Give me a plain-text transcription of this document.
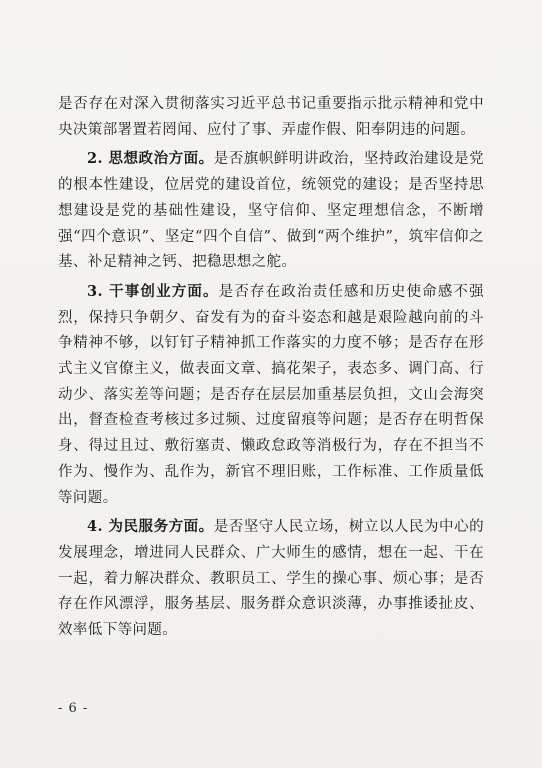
是否存在对深入贯彻落实习近平总书记重要指示批示精神和党中央决策部署置若罔闻、应付了事、弄虚作假、阳奉阴违的问题。

2. 思想政治方面。是否旗帜鲜明讲政治，坚持政治建设是党的根本性建设，位居党的建设首位，统领党的建设；是否坚持思想建设是党的基础性建设，坚守信仰、坚定理想信念，不断增强“四个意识”、坚定“四个自信”、做到“两个维护”，筑牢信仰之基、补足精神之钙、把稳思想之舵。

3. 干事创业方面。是否存在政治责任感和历史使命感不强烈，保持只争朝夕、奋发有为的奋斗姿态和越是艰险越向前的斗争精神不够，以钉钉子精神抓工作落实的力度不够；是否存在形式主义官僚主义，做表面文章、搞花架子，表态多、调门高、行动少、落实差等问题；是否存在层层加重基层负担，文山会海突出，督查检查考核过多过频、过度留痕等问题；是否存在明哲保身、得过且过、敷衍塞责、懒政怠政等消极行为，存在不担当不作为、慢作为、乱作为，新官不理旧账，工作标准、工作质量低等问题。

4. 为民服务方面。是否坚守人民立场，树立以人民为中心的发展理念，增进同人民群众、广大师生的感情，想在一起、干在一起，着力解决群众、教职员工、学生的操心事、烦心事；是否存在作风漂浮，服务基层、服务群众意识淡薄，办事推诿扯皮、效率低下等问题。

- 6 -
